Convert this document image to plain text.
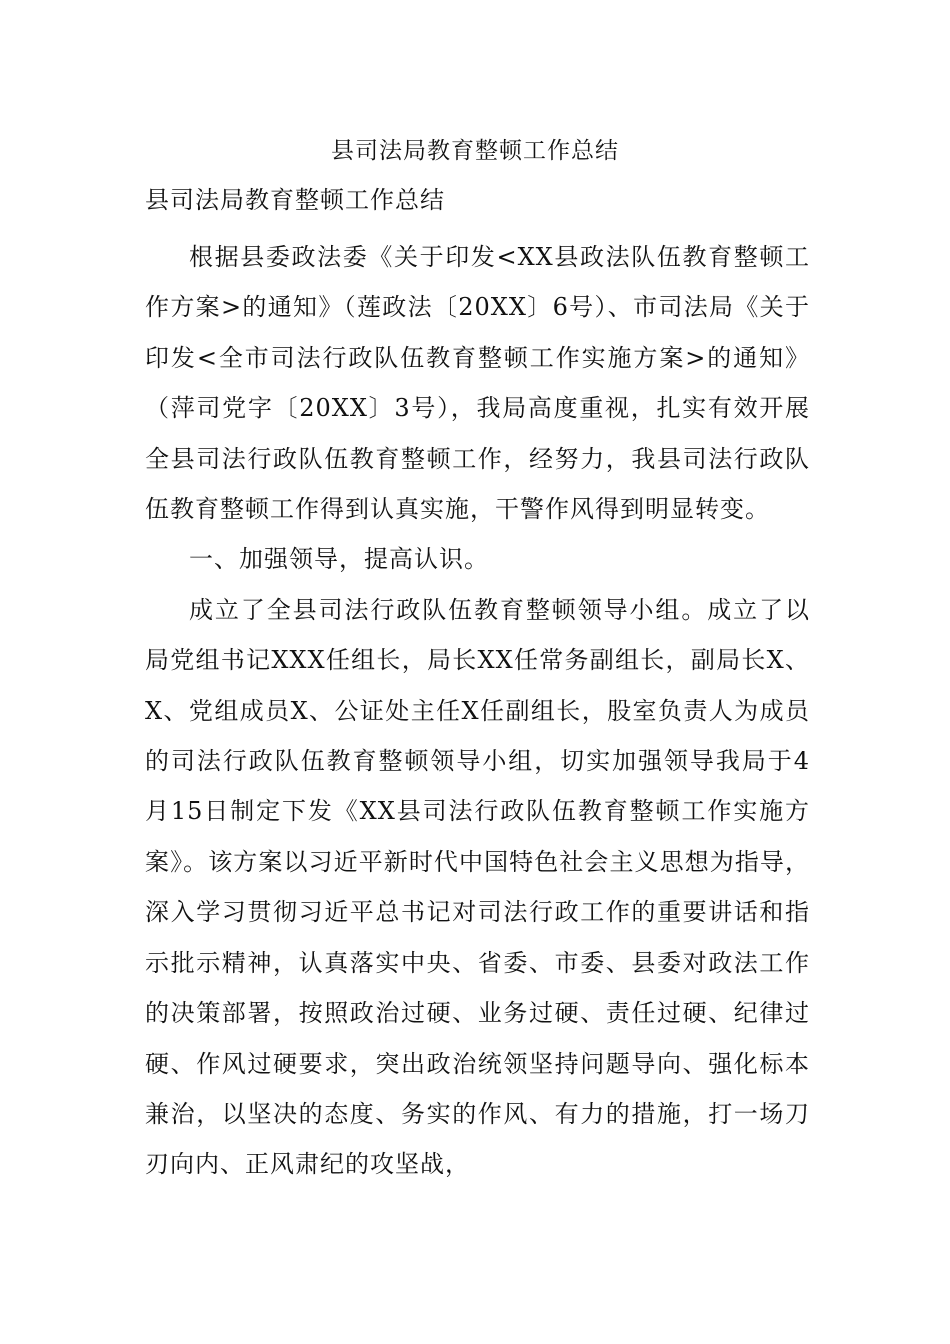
县司法局教育整顿工作总结

县司法局教育整顿工作总结

根据县委政法委《关于印发<XX县政法队伍教育整顿工作方案>的通知》（莲政法〔20XX〕6号）、市司法局《关于印发<全市司法行政队伍教育整顿工作实施方案>的通知》（萍司党字〔20XX〕3号），我局高度重视，扎实有效开展全县司法行政队伍教育整顿工作，经努力，我县司法行政队伍教育整顿工作得到认真实施，干警作风得到明显转变。

一、加强领导，提高认识。

成立了全县司法行政队伍教育整顿领导小组。成立了以局党组书记XXX任组长，局长XX任常务副组长，副局长X、X、党组成员X、公证处主任X任副组长，股室负责人为成员的司法行政队伍教育整顿领导小组，切实加强领导我局于4月15日制定下发《XX县司法行政队伍教育整顿工作实施方案》。该方案以习近平新时代中国特色社会主义思想为指导，深入学习贯彻习近平总书记对司法行政工作的重要讲话和指示批示精神，认真落实中央、省委、市委、县委对政法工作的决策部署，按照政治过硬、业务过硬、责任过硬、纪律过硬、作风过硬要求，突出政治统领坚持问题导向、强化标本兼治，以坚决的态度、务实的作风、有力的措施，打一场刀刃向内、正风肃纪的攻坚战，
